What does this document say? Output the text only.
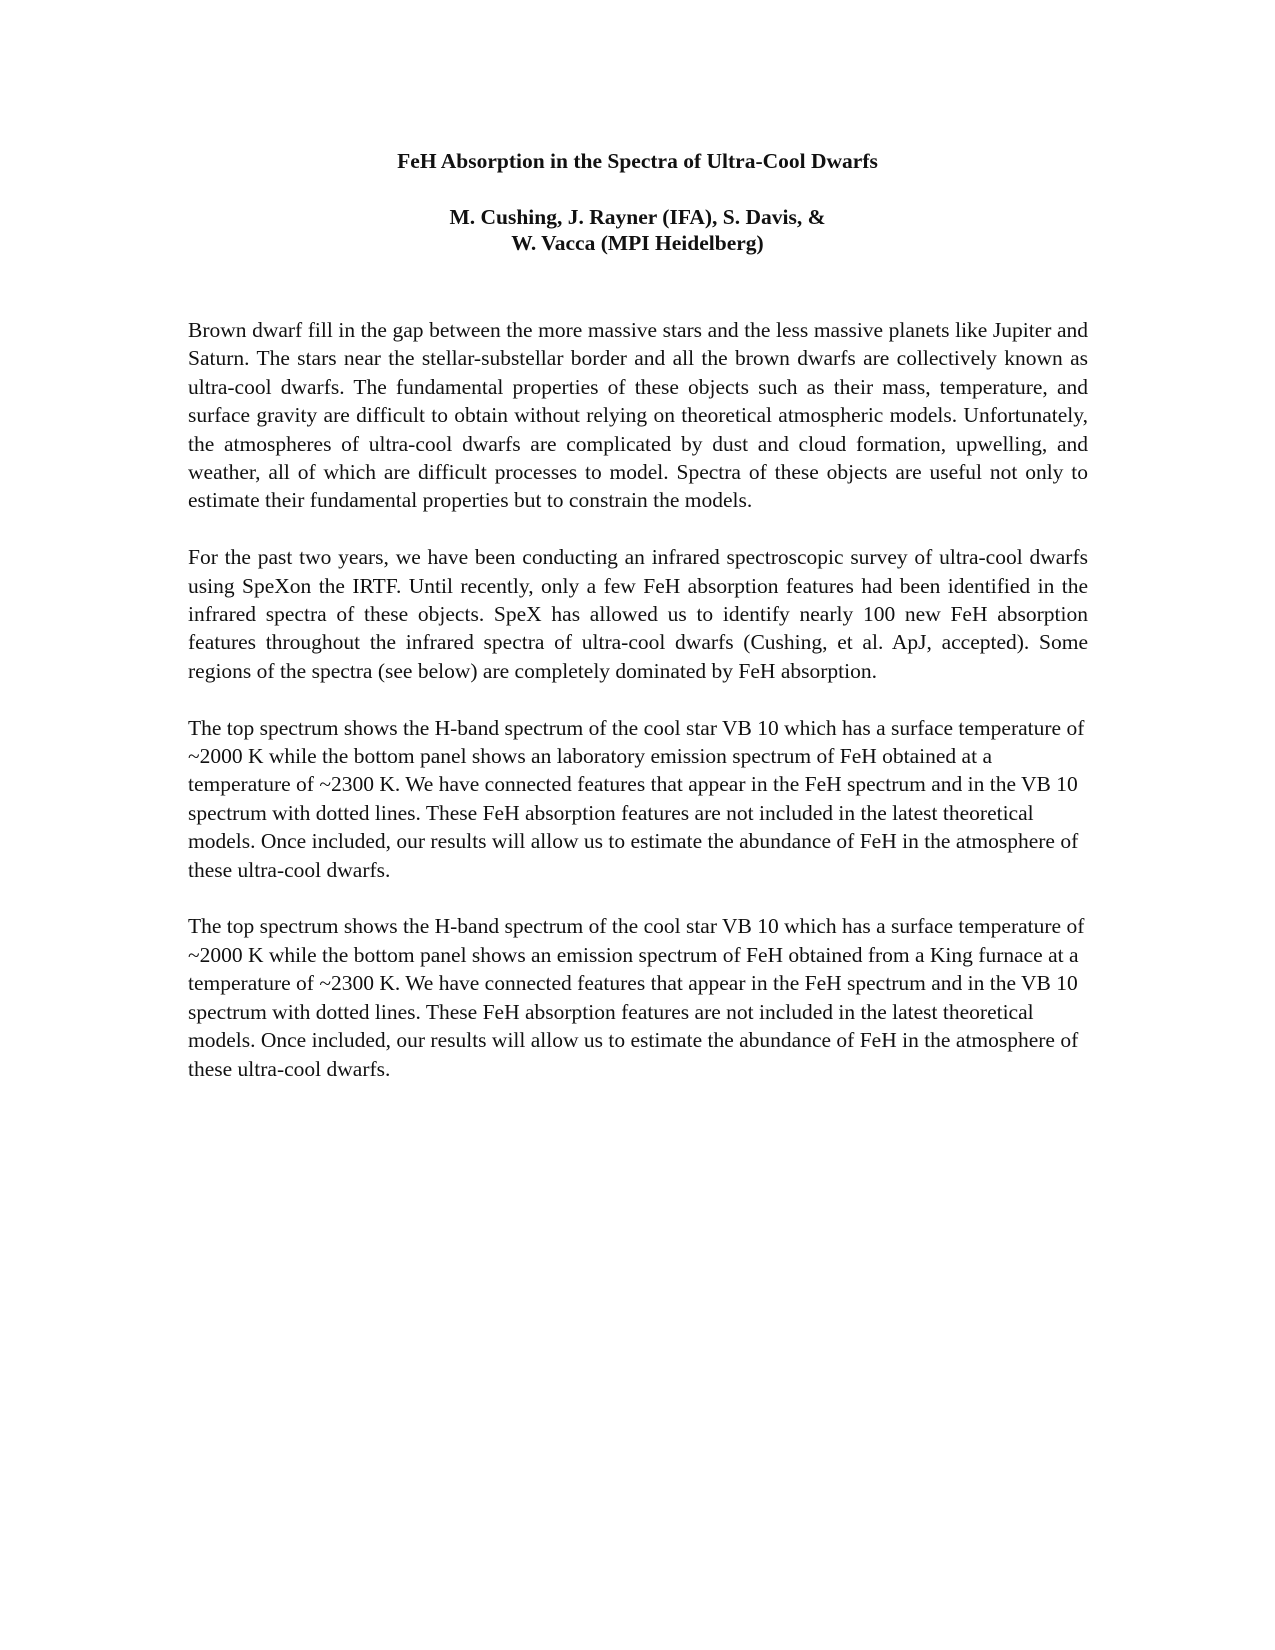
FeH Absorption in the Spectra of Ultra-Cool Dwarfs
M. Cushing, J. Rayner (IFA), S. Davis, &
W. Vacca (MPI Heidelberg)

Brown dwarf fill in the gap between the more massive stars and the less massive planets like Jupiter and Saturn. The stars near the stellar-substellar border and all the brown dwarfs are collectively known as ultra-cool dwarfs. The fundamental properties of these objects such as their mass, temperature, and surface gravity are difficult to obtain without relying on theoretical atmospheric models. Unfortunately, the atmospheres of ultra-cool dwarfs are complicated by dust and cloud formation, upwelling, and weather, all of which are difficult processes to model. Spectra of these objects are useful not only to estimate their fundamental properties but to constrain the models.

For the past two years, we have been conducting an infrared spectroscopic survey of ultra-cool dwarfs using SpeXon the IRTF. Until recently, only a few FeH absorption features had been identified in the infrared spectra of these objects. SpeX has allowed us to identify nearly 100 new FeH absorption features throughout the infrared spectra of ultra-cool dwarfs (Cushing, et al. ApJ, accepted). Some regions of the spectra (see below) are completely dominated by FeH absorption.

The top spectrum shows the H-band spectrum of the cool star VB 10 which has a surface temperature of ~2000 K while the bottom panel shows an laboratory emission spectrum of FeH obtained at a temperature of ~2300 K. We have connected features that appear in the FeH spectrum and in the VB 10 spectrum with dotted lines. These FeH absorption features are not included in the latest theoretical models. Once included, our results will allow us to estimate the abundance of FeH in the atmosphere of these ultra-cool dwarfs.

The top spectrum shows the H-band spectrum of the cool star VB 10 which has a surface temperature of ~2000 K while the bottom panel shows an emission spectrum of FeH obtained from a King furnace at a temperature of ~2300 K. We have connected features that appear in the FeH spectrum and in the VB 10 spectrum with dotted lines. These FeH absorption features are not included in the latest theoretical models. Once included, our results will allow us to estimate the abundance of FeH in the atmosphere of these ultra-cool dwarfs.
